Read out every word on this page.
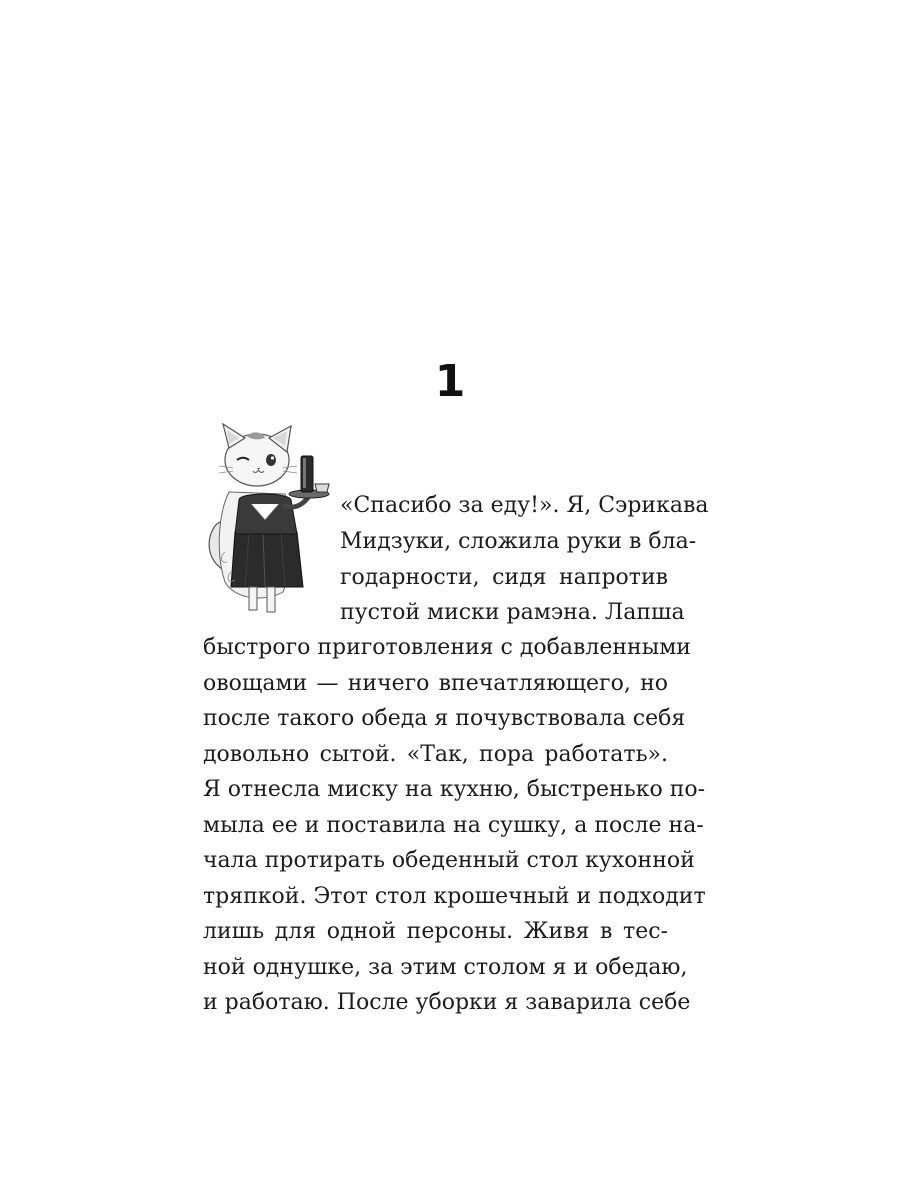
1
«Спасибо за еду!». Я, Сэрикава
Мидзуки, сложила руки в бла-
годарности, сидя напротив
пустой миски рамэна. Лапша
быстрого приготовления с добавленными
овощами — ничего впечатляющего, но
после такого обеда я почувствовала себя
довольно сытой. «Так, пора работать».
Я отнесла миску на кухню, быстренько по-
мыла ее и поставила на сушку, а после на-
чала протирать обеденный стол кухонной
тряпкой. Этот стол крошечный и подходит
лишь для одной персоны. Живя в тес-
ной однушке, за этим столом я и обедаю,
и работаю. После уборки я заварила себе
